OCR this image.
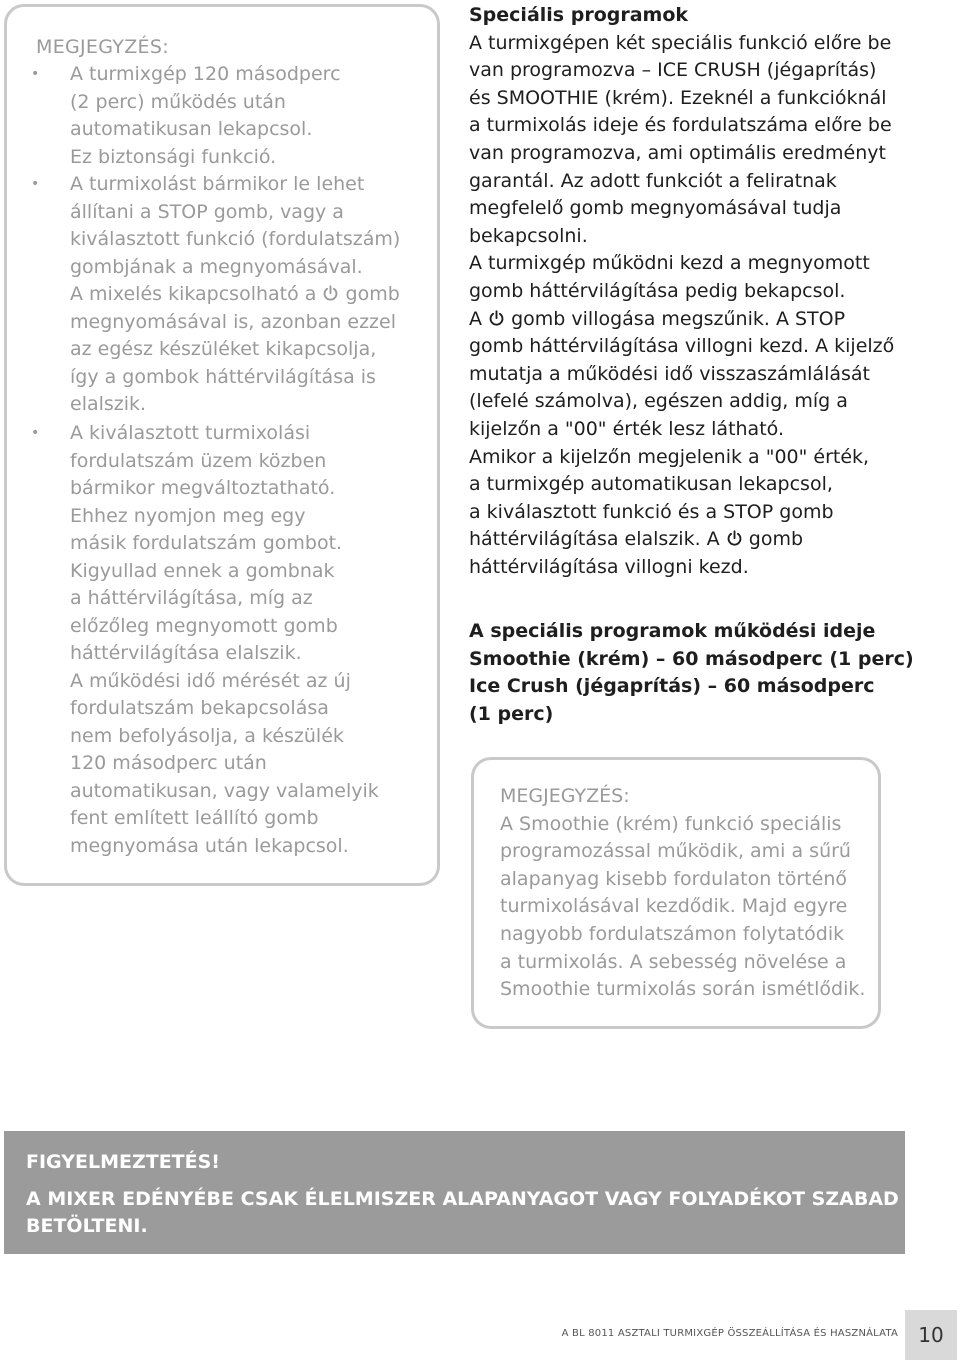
MEGJEGYZÉS:
• A turmixgép 120 másodperc
(2 perc) működés után
automatikusan lekapcsol.
Ez biztonsági funkció.
• A turmixolást bármikor le lehet
állítani a STOP gomb, vagy a
kiválasztott funkció (fordulatszám)
gombjának a megnyomásával.
A mixelés kikapcsolható a gomb
megnyomásával is, azonban ezzel
az egész készüléket kikapcsolja,
így a gombok háttérvilágítása is
elalszik.
• A kiválasztott turmixolási
fordulatszám üzem közben
bármikor megváltoztatható.
Ehhez nyomjon meg egy
másik fordulatszám gombot.
Kigyullad ennek a gombnak
a háttérvilágítása, míg az
előzőleg megnyomott gomb
háttérvilágítása elalszik.
A működési idő mérését az új
fordulatszám bekapcsolása
nem befolyásolja, a készülék
120 másodperc után
automatikusan, vagy valamelyik
fent említett leállító gomb
megnyomása után lekapcsol.
Speciális programok
A turmixgépen két speciális funkció előre be
van programozva – ICE CRUSH (jégaprítás)
és SMOOTHIE (krém). Ezeknél a funkcióknál
a turmixolás ideje és fordulatszáma előre be
van programozva, ami optimális eredményt
garantál. Az adott funkciót a feliratnak
megfelelő gomb megnyomásával tudja
bekapcsolni.
A turmixgép működni kezd a megnyomott
gomb háttérvilágítása pedig bekapcsol.
A gomb villogása megszűnik. A STOP
gomb háttérvilágítása villogni kezd. A kijelző
mutatja a működési idő visszaszámlálását
(lefelé számolva), egészen addig, míg a
kijelzőn a "00" érték lesz látható.
Amikor a kijelzőn megjelenik a "00" érték,
a turmixgép automatikusan lekapcsol,
a kiválasztott funkció és a STOP gomb
háttérvilágítása elalszik. A gomb
háttérvilágítása villogni kezd.
A speciális programok működési ideje
Smoothie (krém) – 60 másodperc (1 perc)
Ice Crush (jégaprítás) – 60 másodperc
(1 perc)
MEGJEGYZÉS:
A Smoothie (krém) funkció speciális
programozással működik, ami a sűrű
alapanyag kisebb fordulaton történő
turmixolásával kezdődik. Majd egyre
nagyobb fordulatszámon folytatódik
a turmixolás. A sebesség növelése a
Smoothie turmixolás során ismétlődik.
FIGYELMEZTETÉS!
A MIXER EDÉNYÉBE CSAK ÉLELMISZER ALAPANYAGOT VAGY FOLYADÉKOT SZABAD
BETÖLTENI.
A BL 8011 ASZTALI TURMIXGÉP ÖSSZEÁLLÍTÁSA ÉS HASZNÁLATA	10
